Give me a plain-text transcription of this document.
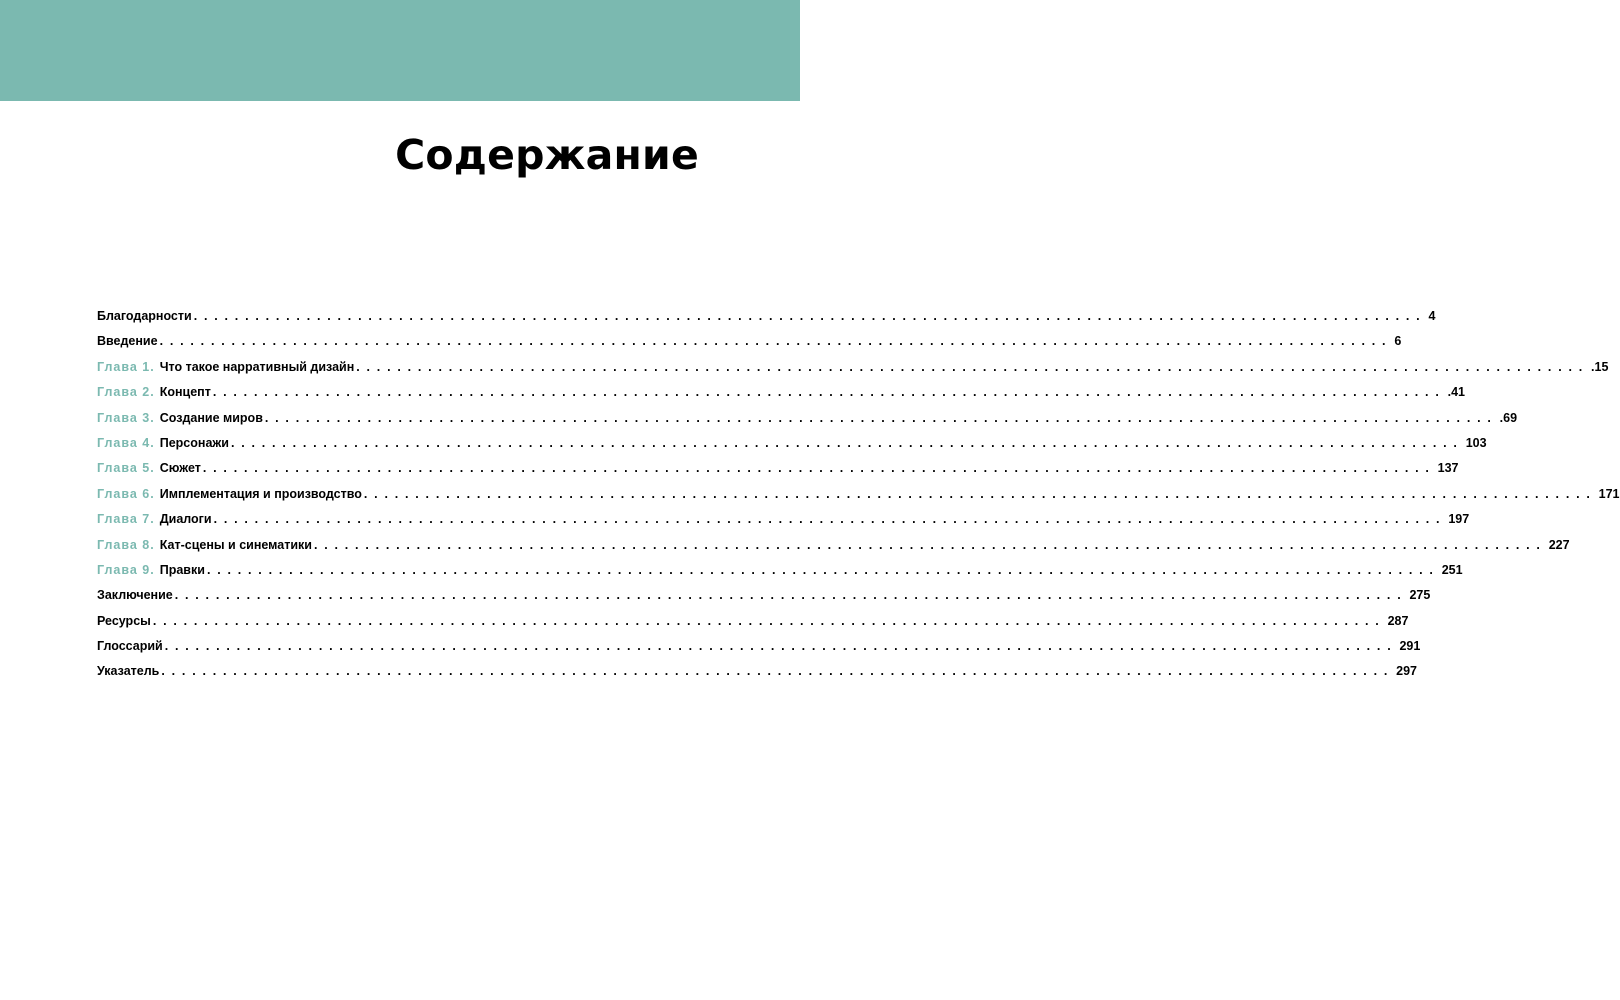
Содержание
Благодарности ........................................................................................................................ 4
Введение ........................................................................................................................ 6
Глава 1. Что такое нарративный дизайн ........................................................................................................................ .15
Глава 2. Концепт ........................................................................................................................ .41
Глава 3. Создание миров ........................................................................................................................ .69
Глава 4. Персонажи ........................................................................................................................ 103
Глава 5. Сюжет ........................................................................................................................ 137
Глава 6. Имплементация и производство ........................................................................................................................ 171
Глава 7. Диалоги ........................................................................................................................ 197
Глава 8. Кат-сцены и синематики ........................................................................................................................ 227
Глава 9. Правки ........................................................................................................................ 251
Заключение ........................................................................................................................ 275
Ресурсы ........................................................................................................................ 287
Глоссарий ........................................................................................................................ 291
Указатель ........................................................................................................................ 297
